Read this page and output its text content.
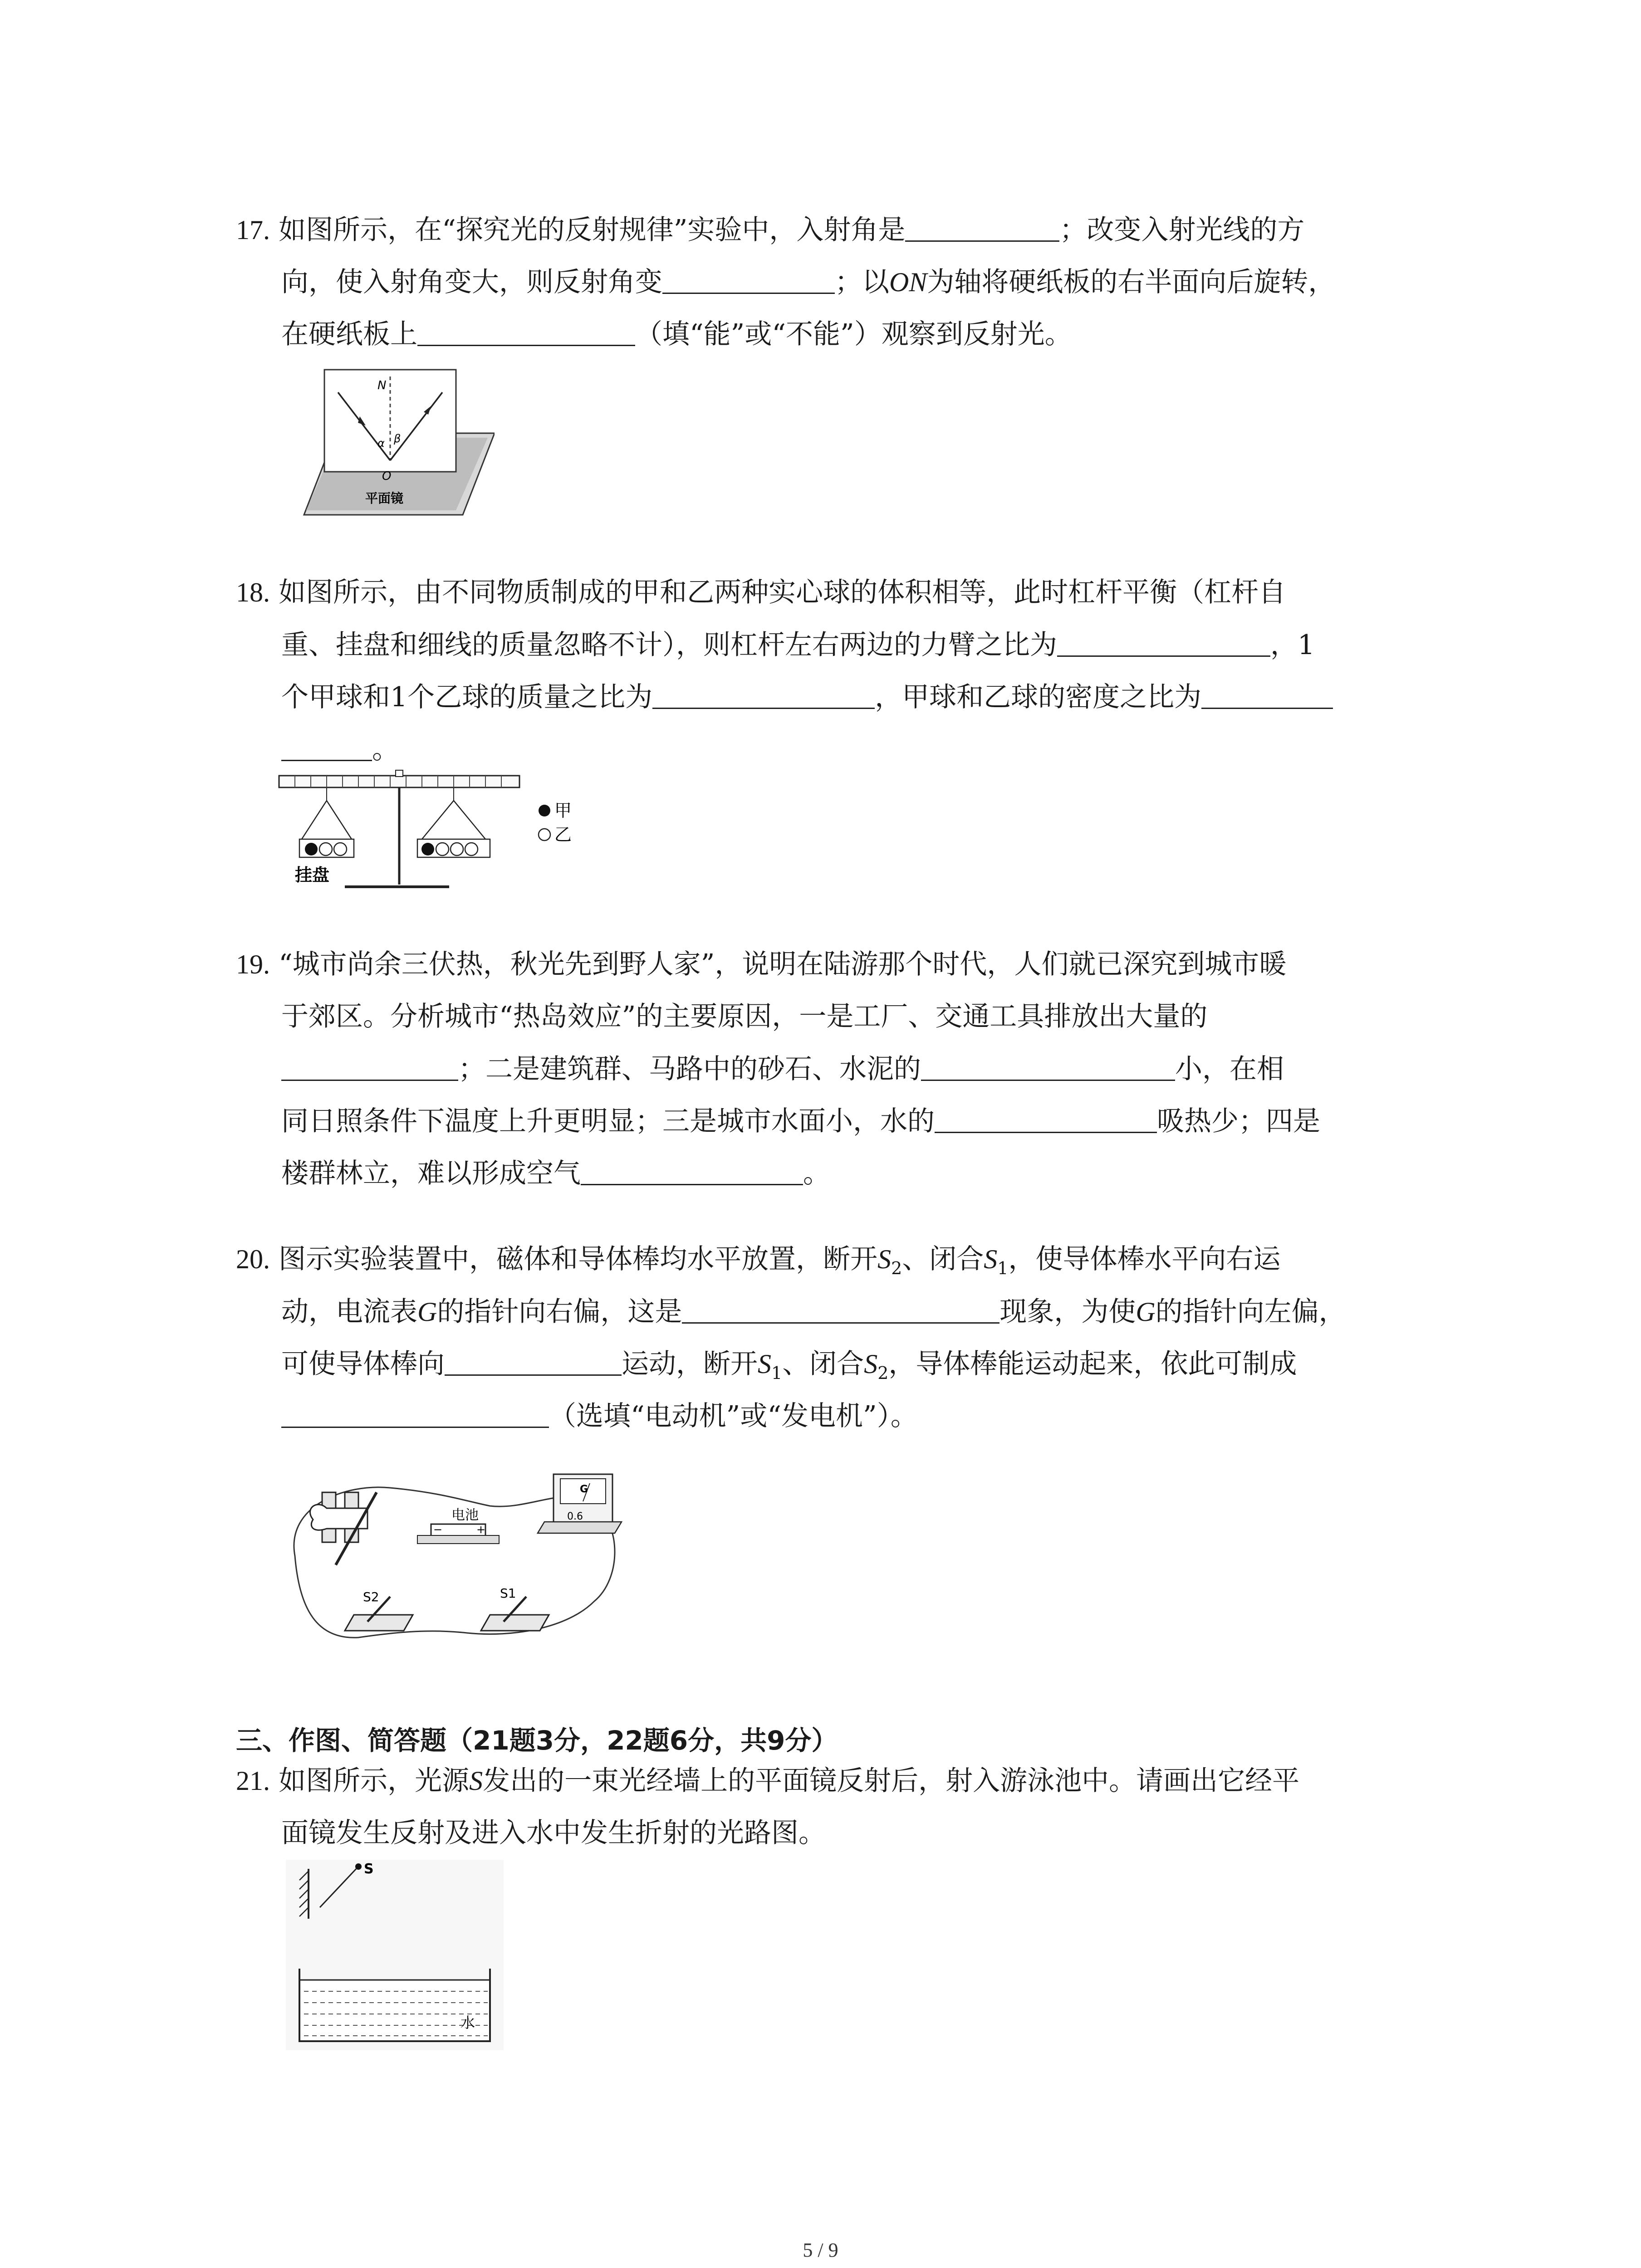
17. 如图所示，在“探究光的反射规律”实验中，入射角是	；改变入射光线的方
向，使入射角变大，则反射角变	；以ON为轴将硬纸板的右半面向后旋转，
在硬纸板上	（填“能”或“不能”）观察到反射光。
N
α β
O
平面镜
18. 如图所示，由不同物质制成的甲和乙两种实心球的体积相等，此时杠杆平衡（杠杆自
重、挂盘和细线的质量忽略不计），则杠杆左右两边的力臂之比为	，1
个甲球和1个乙球的质量之比为	，甲球和乙球的密度之比为
。
挂盘
甲
乙
19. “城市尚余三伏热，秋光先到野人家”，说明在陆游那个时代，人们就已深究到城市暖
于郊区。分析城市“热岛效应”的主要原因，一是工厂、交通工具排放出大量的
；二是建筑群、马路中的砂石、水泥的	小，在相
同日照条件下温度上升更明显；三是城市水面小，水的	吸热少；四是
楼群林立，难以形成空气	。
20. 图示实验装置中，磁体和导体棒均水平放置，断开$S_2$、闭合$S_1$，使导体棒水平向右运
动，电流表G的指针向右偏，这是	现象，为使G的指针向左偏，
可使导体棒向	运动，断开$S_1$、闭合$S_2$，导体棒能运动起来，依此可制成
（选填“电动机”或“发电机”）。
电池
−	+
G
0.6
S2	S1
三、作图、简答题（21题3分，22题6分，共9分）
21. 如图所示，光源S发出的一束光经墙上的平面镜反射后，射入游泳池中。请画出它经平
面镜发生反射及进入水中发生折射的光路图。
S
水
5 / 9
